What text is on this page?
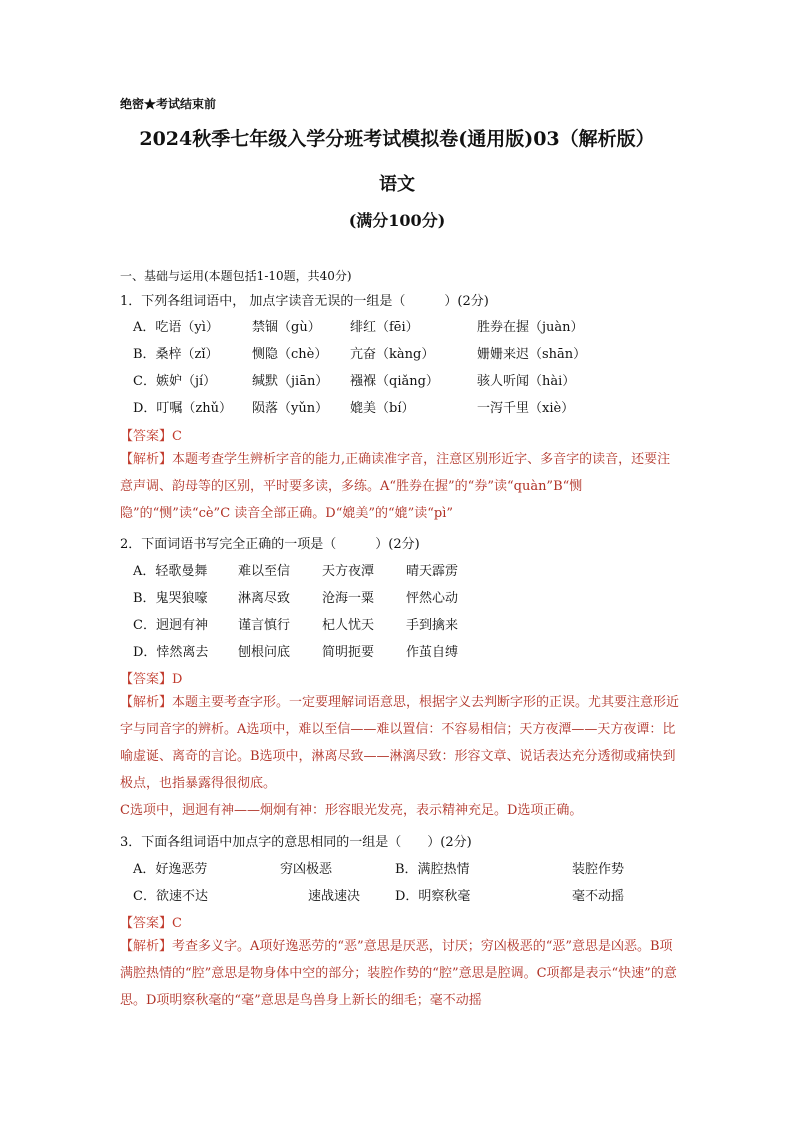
绝密★考试结束前
2024秋季七年级入学分班考试模拟卷(通用版)03（解析版）
语文
(满分100分)
一、基础与运用(本题包括1-10题，共40分)
1．下列各组词语中， 加点字读音无误的一组是（　　　）(2分)
A．吃语（yì）	禁锢（gù） 绯红（fēi）	胜券在握（juàn）
B．桑梓（zǐ）	恻隐（chè） 亢奋（kàng）	姗姗来迟（shān）
C．嫉妒（jí）	缄默（jiān） 襁褓（qiǎng）	骇人听闻（hài）
D．叮嘱（zhǔ） 陨落（yǔn） 媲美（bí）	一泻千里（xiè）
【答案】C
【解析】本题考查学生辨析字音的能力,正确读准字音，注意区别形近字、多音字的读音，还要注意声调、韵母等的区别，平时要多读，多练。A“胜券在握”的“券”读“quàn”B“恻隐”的“恻”读“cè”C 读音全部正确。D“媲美”的“媲”读“pì”
2．下面词语书写完全正确的一项是（　　　）(2分)
A．轻歌曼舞 难以至信 天方夜潭 晴天霹雳
B．鬼哭狼嚎 淋离尽致 沧海一粟 怦然心动
C．迥迥有神 谨言慎行 杞人忧天 手到擒来
D．悻然离去 刨根问底 简明扼要 作茧自缚
【答案】D
【解析】本题主要考查字形。一定要理解词语意思，根据字义去判断字形的正误。尤其要注意形近字与同音字的辨析。A选项中，难以至信——难以置信：不容易相信；天方夜潭——天方夜谭：比喻虚诞、离奇的言论。B选项中，淋离尽致——淋漓尽致：形容文章、说话表达充分透彻或痛快到极点，也指暴露得很彻底。
C选项中，迥迥有神——炯炯有神：形容眼光发亮，表示精神充足。D选项正确。
3．下面各组词语中加点字的意思相同的一组是（　　）(2分)
A．好逸恶劳	穷凶极恶	B．满腔热情	装腔作势
C．欲速不达	速战速决	D．明察秋毫	毫不动摇
【答案】C
【解析】考查多义字。A项好逸恶劳的“恶”意思是厌恶，讨厌；穷凶极恶的“恶”意思是凶恶。B项满腔热情的“腔”意思是物身体中空的部分；装腔作势的“腔”意思是腔调。C项都是表示“快速”的意思。D项明察秋毫的“毫”意思是鸟兽身上新长的细毛；毫不动摇
